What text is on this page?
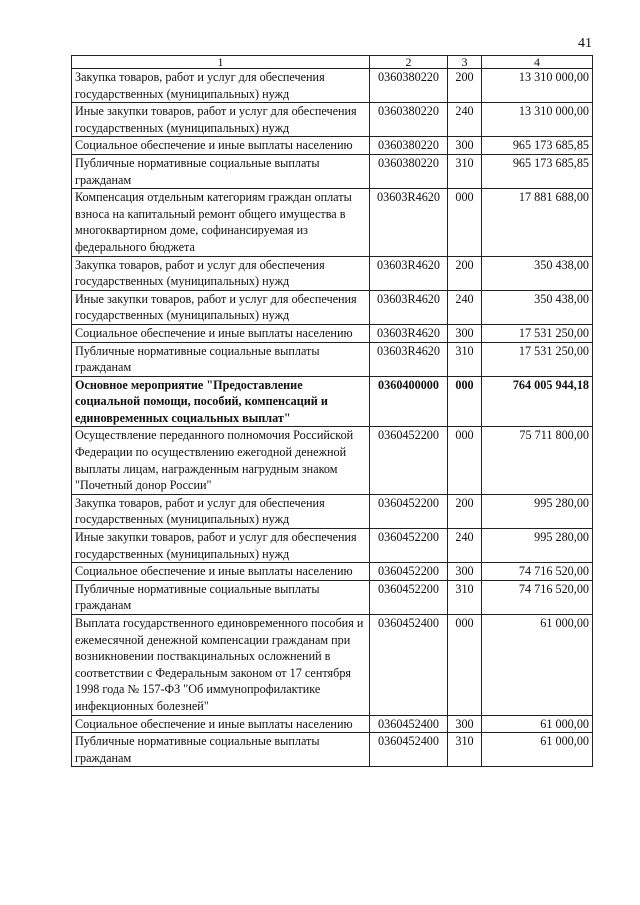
41
1	2	3	4
Закупка товаров, работ и услуг для обеспечения государственных (муниципальных) нужд	0360380220	200	13 310 000,00
Иные закупки товаров, работ и услуг для обеспечения государственных (муниципальных) нужд	0360380220	240	13 310 000,00
Социальное обеспечение и иные выплаты населению	0360380220	300	965 173 685,85
Публичные нормативные социальные выплаты гражданам	0360380220	310	965 173 685,85
Компенсация отдельным категориям граждан оплаты взноса на капитальный ремонт общего имущества в многоквартирном доме, софинансируемая из федерального бюджета	03603R4620	000	17 881 688,00
Закупка товаров, работ и услуг для обеспечения государственных (муниципальных) нужд	03603R4620	200	350 438,00
Иные закупки товаров, работ и услуг для обеспечения государственных (муниципальных) нужд	03603R4620	240	350 438,00
Социальное обеспечение и иные выплаты населению	03603R4620	300	17 531 250,00
Публичные нормативные социальные выплаты гражданам	03603R4620	310	17 531 250,00
Основное мероприятие "Предоставление социальной помощи, пособий, компенсаций и единовременных социальных выплат"	0360400000	000	764 005 944,18
Осуществление переданного полномочия Российской Федерации по осуществлению ежегодной денежной выплаты лицам, награжденным нагрудным знаком "Почетный донор России"	0360452200	000	75 711 800,00
Закупка товаров, работ и услуг для обеспечения государственных (муниципальных) нужд	0360452200	200	995 280,00
Иные закупки товаров, работ и услуг для обеспечения государственных (муниципальных) нужд	0360452200	240	995 280,00
Социальное обеспечение и иные выплаты населению	0360452200	300	74 716 520,00
Публичные нормативные социальные выплаты гражданам	0360452200	310	74 716 520,00
Выплата государственного единовременного пособия и ежемесячной денежной компенсации гражданам при возникновении поствакцинальных осложнений в соответствии с Федеральным законом от 17 сентября 1998 года № 157-ФЗ "Об иммунопрофилактике инфекционных болезней"	0360452400	000	61 000,00
Социальное обеспечение и иные выплаты населению	0360452400	300	61 000,00
Публичные нормативные социальные выплаты гражданам	0360452400	310	61 000,00
